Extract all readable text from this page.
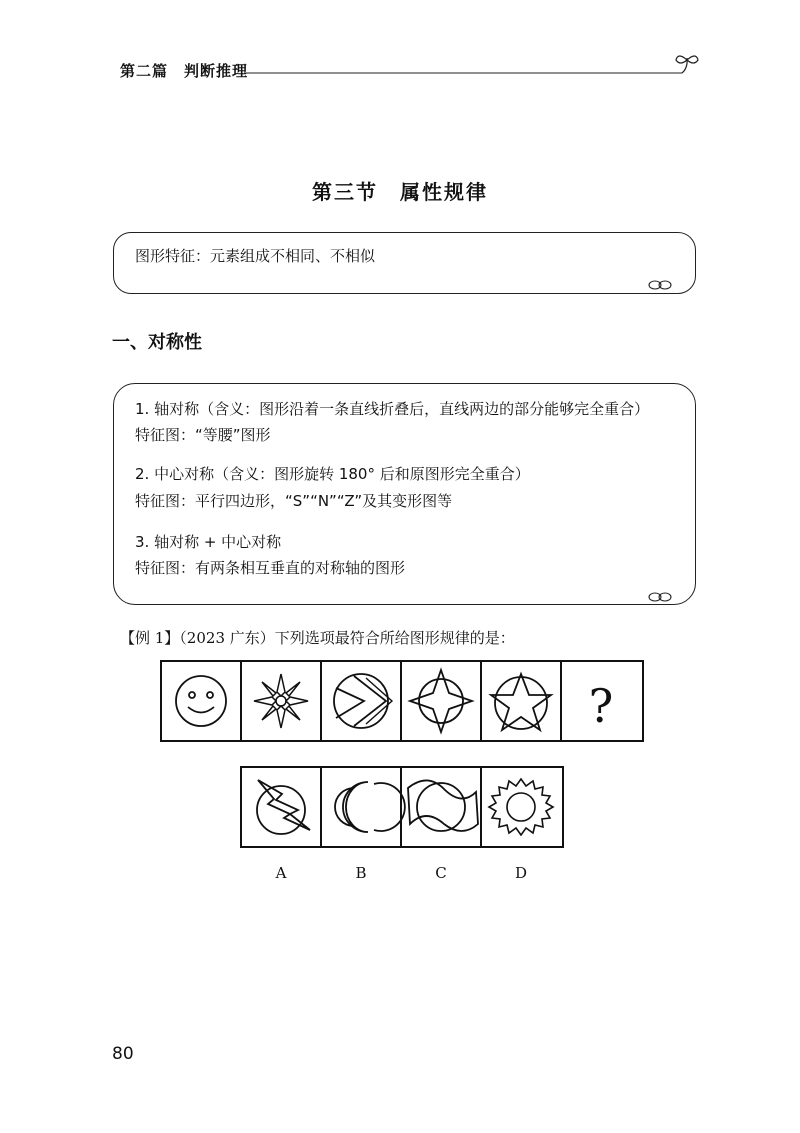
第二篇　判断推理
第三节　属性规律
图形特征：元素组成不相同、不相似
一、对称性
1. 轴对称（含义：图形沿着一条直线折叠后，直线两边的部分能够完全重合）
特征图：“等腰”图形
2. 中心对称（含义：图形旋转 180° 后和原图形完全重合）
特征图：平行四边形，“S”“N”“Z”及其变形图等
3. 轴对称 + 中心对称
特征图：有两条相互垂直的对称轴的图形
【例 1】（2023 广东）下列选项最符合所给图形规律的是：
?
A	B	C	D
80
